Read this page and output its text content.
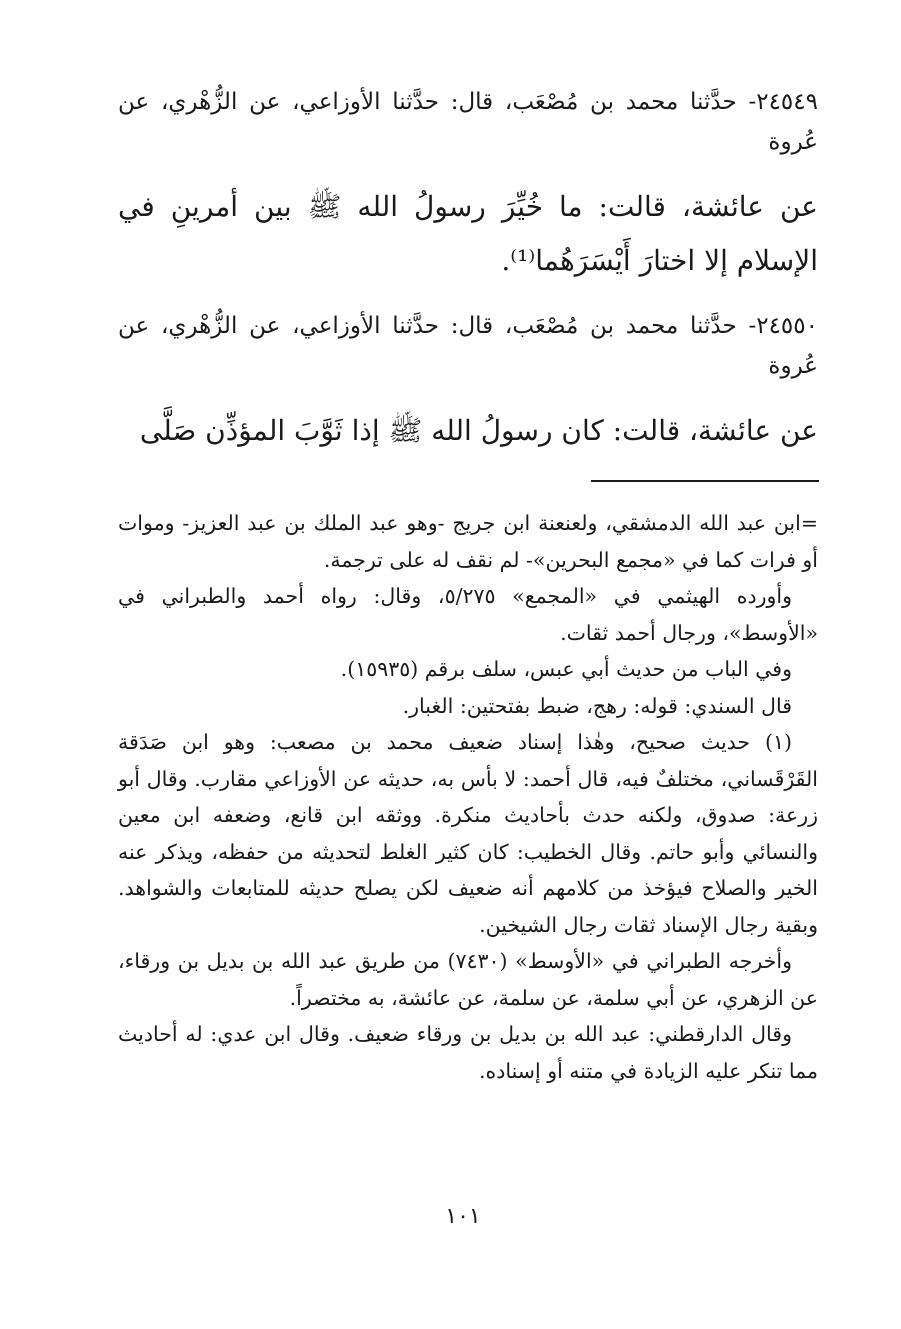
٢٤٥٤٩- حدَّثنا محمد بن مُصْعَب، قال: حدَّثنا الأوزاعي، عن الزُّهْري، عن عُروة

عن عائشة، قالت: ما خُيِّرَ رسولُ الله ﷺ بين أمرينِ في الإسلام إلا اختارَ أَيْسَرَهُما⁽¹⁾.

٢٤٥٥٠- حدَّثنا محمد بن مُصْعَب، قال: حدَّثنا الأوزاعي، عن الزُّهْري، عن عُروة

عن عائشة، قالت: كان رسولُ الله ﷺ إذا ثَوَّبَ المؤذِّن صَلَّى

=ابن عبد الله الدمشقي، ولعنعنة ابن جريج -وهو عبد الملك بن عبد العزيز- وموات أو فرات كما في «مجمع البحرين»- لم نقف له على ترجمة.

وأورده الهيثمي في «المجمع» ٥/٢٧٥، وقال: رواه أحمد والطبراني في «الأوسط»، ورجال أحمد ثقات.

وفي الباب من حديث أبي عبس، سلف برقم (١٥٩٣٥).

قال السندي: قوله: رهج، ضبط بفتحتين: الغبار.

(١) حديث صحيح، وهٰذا إسناد ضعيف محمد بن مصعب: وهو ابن صَدَقة القَرْقَساني، مختلفٌ فيه، قال أحمد: لا بأس به، حديثه عن الأوزاعي مقارب. وقال أبو زرعة: صدوق، ولكنه حدث بأحاديث منكرة. ووثقه ابن قانع، وضعفه ابن معين والنسائي وأبو حاتم. وقال الخطيب: كان كثير الغلط لتحديثه من حفظه، ويذكر عنه الخير والصلاح فيؤخذ من كلامهم أنه ضعيف لكن يصلح حديثه للمتابعات والشواهد. وبقية رجال الإسناد ثقات رجال الشيخين.

وأخرجه الطبراني في «الأوسط» (٧٤٣٠) من طريق عبد الله بن بديل بن ورقاء، عن الزهري، عن أبي سلمة، عن سلمة، عن عائشة، به مختصراً.

وقال الدارقطني: عبد الله بن بديل بن ورقاء ضعيف. وقال ابن عدي: له أحاديث مما تنكر عليه الزيادة في متنه أو إسناده.

١٠١
